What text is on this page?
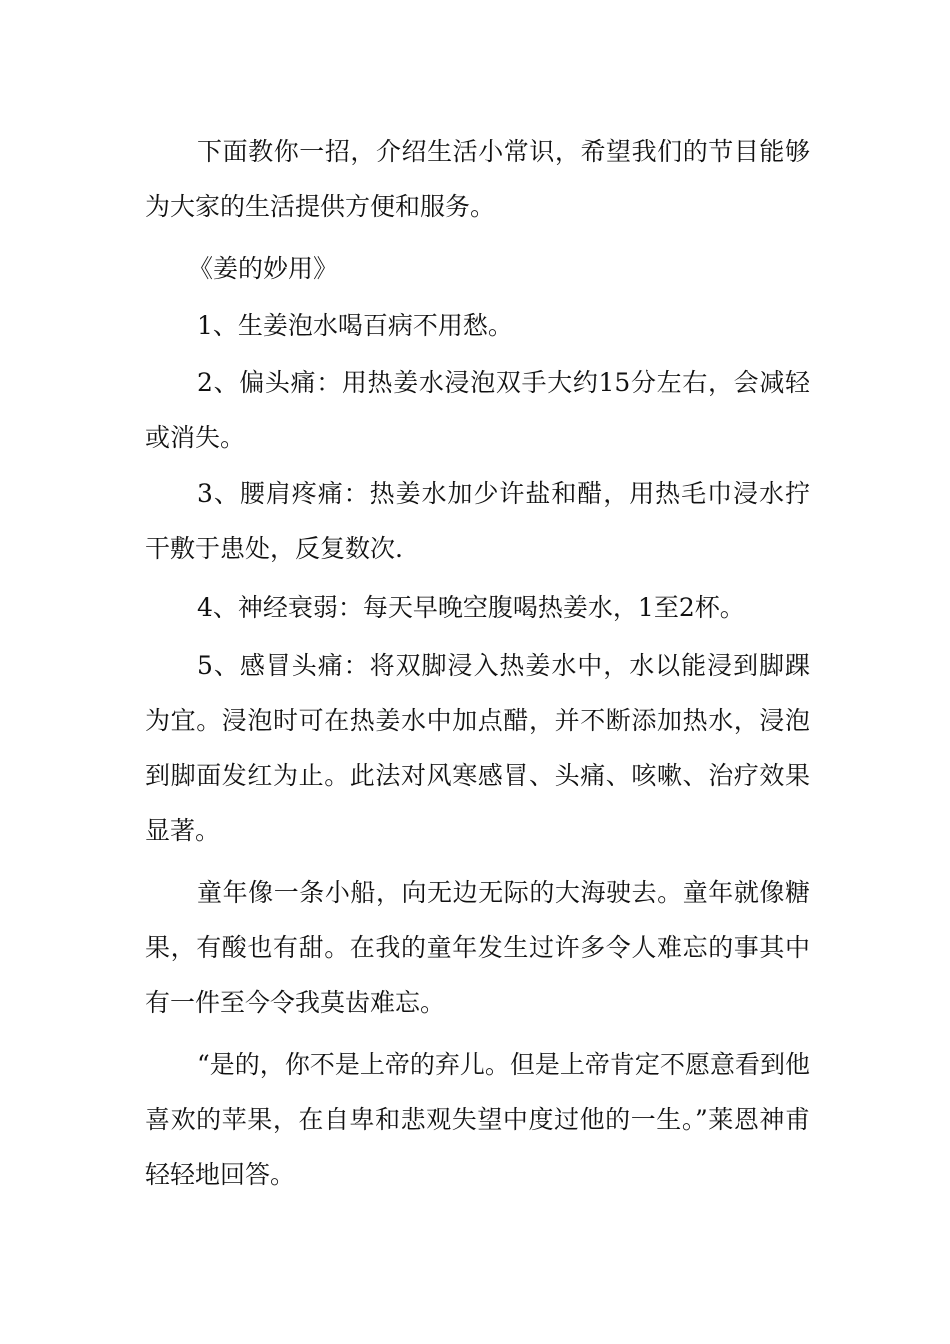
下面教你一招，介绍生活小常识，希望我们的节目能够为大家的生活提供方便和服务。

《姜的妙用》

1、生姜泡水喝百病不用愁。

2、偏头痛：用热姜水浸泡双手大约15分左右，会减轻或消失。

3、腰肩疼痛：热姜水加少许盐和醋，用热毛巾浸水拧干敷于患处，反复数次.

4、神经衰弱：每天早晚空腹喝热姜水，1至2杯。

5、感冒头痛：将双脚浸入热姜水中，水以能浸到脚踝为宜。浸泡时可在热姜水中加点醋，并不断添加热水，浸泡到脚面发红为止。此法对风寒感冒、头痛、咳嗽、治疗效果显著。

童年像一条小船，向无边无际的大海驶去。童年就像糖果，有酸也有甜。在我的童年发生过许多令人难忘的事其中有一件至今令我莫齿难忘。

“是的，你不是上帝的弃儿。但是上帝肯定不愿意看到他喜欢的苹果，在自卑和悲观失望中度过他的一生。”莱恩神甫轻轻地回答。
